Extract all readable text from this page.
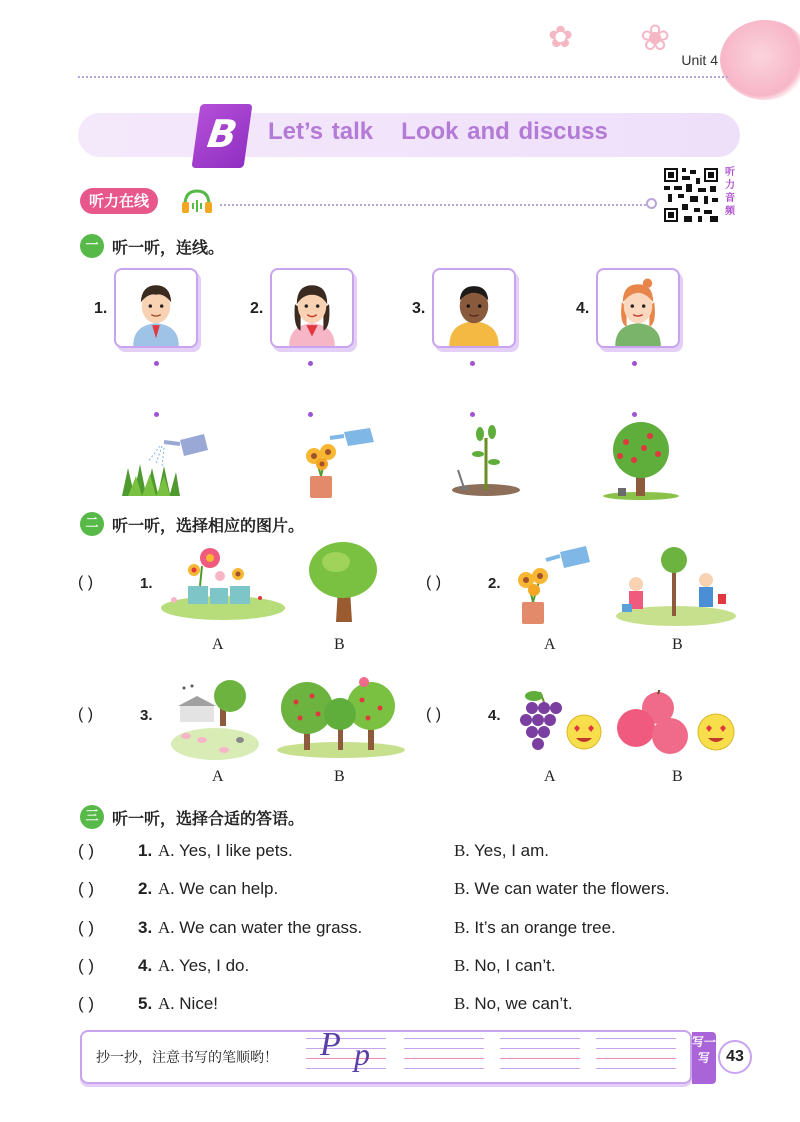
✿ ❀
Unit 4
B	Let’s talk Look and discuss
听力在线
听力音频
一 听一听，连线。
1.	2.	3.	4.
二 听一听，选择相应的图片。
( )	1.
A	B
( )	2.
A	B
( )	3.
A	B
( )	4.
A	B
三 听一听，选择合适的答语。
( )	1. A. Yes, I like pets.	B. Yes, I am.
( )	2. A. We can help.	B. We can water the flowers.
( )	3. A. We can water the grass.	B. It’s an orange tree.
( )	4. A. Yes, I do.	B. No, I can’t.
( )	5. A. Nice!	B. No, we can’t.
抄一抄，注意书写的笔顺哟！ P p	写一写	43
